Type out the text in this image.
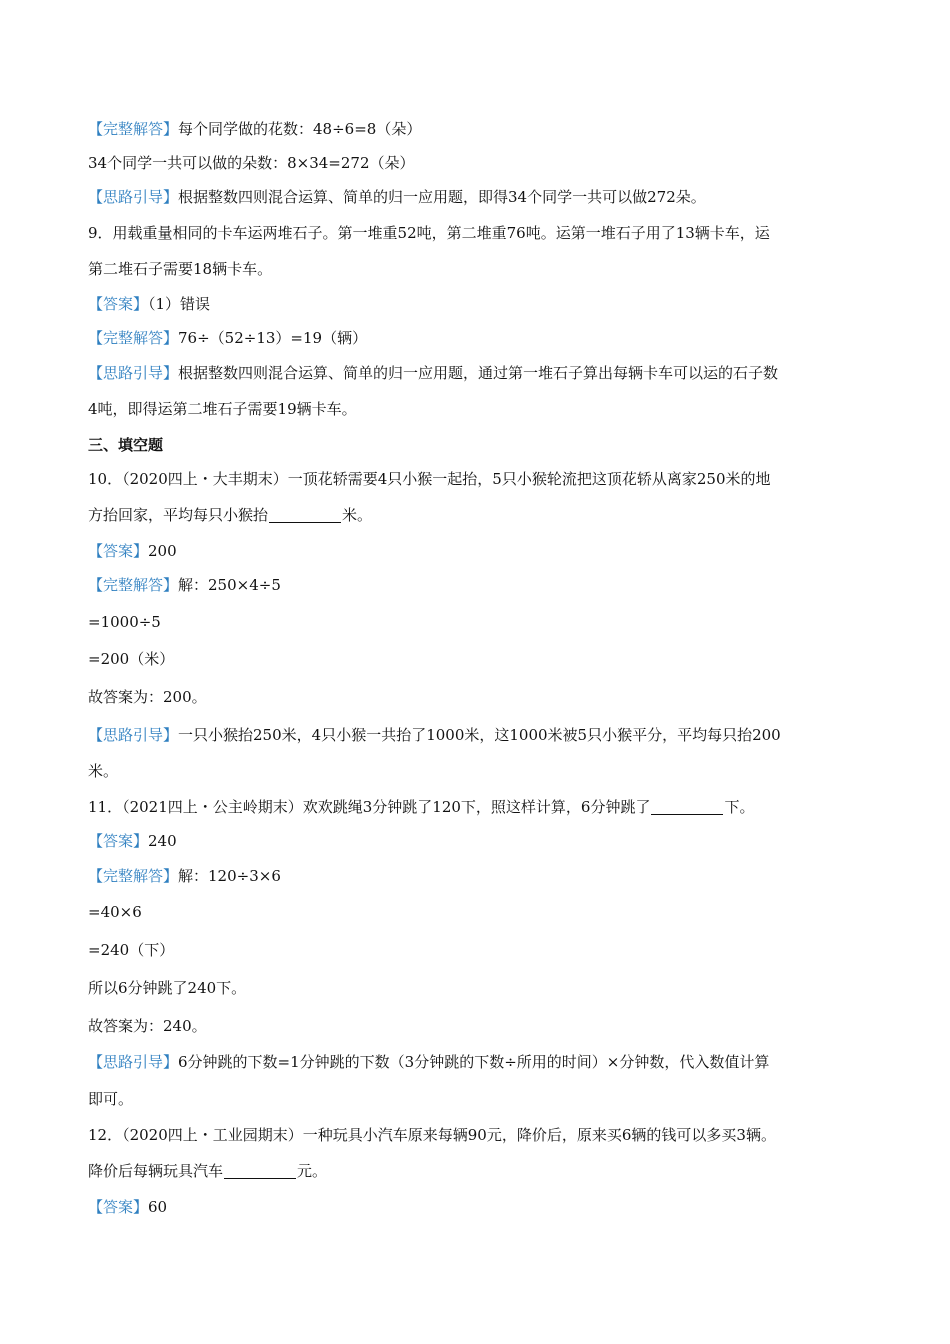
【完整解答】每个同学做的花数：48÷6=8（朵）
34个同学一共可以做的朵数：8×34=272（朵）
【思路引导】根据整数四则混合运算、简单的归一应用题，即得34个同学一共可以做272朵。
9．用载重量相同的卡车运两堆石子。第一堆重52吨，第二堆重76吨。运第一堆石子用了13辆卡车，运
第二堆石子需要18辆卡车。
【答案】（1）错误
【完整解答】76÷（52÷13）=19（辆）
【思路引导】根据整数四则混合运算、简单的归一应用题，通过第一堆石子算出每辆卡车可以运的石子数
4吨，即得运第二堆石子需要19辆卡车。
三、填空题
10．（2020四上・大丰期末）一顶花轿需要4只小猴一起抬，5只小猴轮流把这顶花轿从离家250米的地
方抬回家，平均每只小猴抬	米。
【答案】200
【完整解答】解：250×4÷5
=1000÷5
=200（米）
故答案为：200。
【思路引导】一只小猴抬250米，4只小猴一共抬了1000米，这1000米被5只小猴平分，平均每只抬200
米。
11．（2021四上・公主岭期末）欢欢跳绳3分钟跳了120下，照这样计算，6分钟跳了	下。
【答案】240
【完整解答】解：120÷3×6
=40×6
=240（下）
所以6分钟跳了240下。
故答案为：240。
【思路引导】6分钟跳的下数=1分钟跳的下数（3分钟跳的下数÷所用的时间）×分钟数，代入数值计算
即可。
12．（2020四上・工业园期末）一种玩具小汽车原来每辆90元，降价后，原来买6辆的钱可以多买3辆。
降价后每辆玩具汽车	元。
【答案】60
